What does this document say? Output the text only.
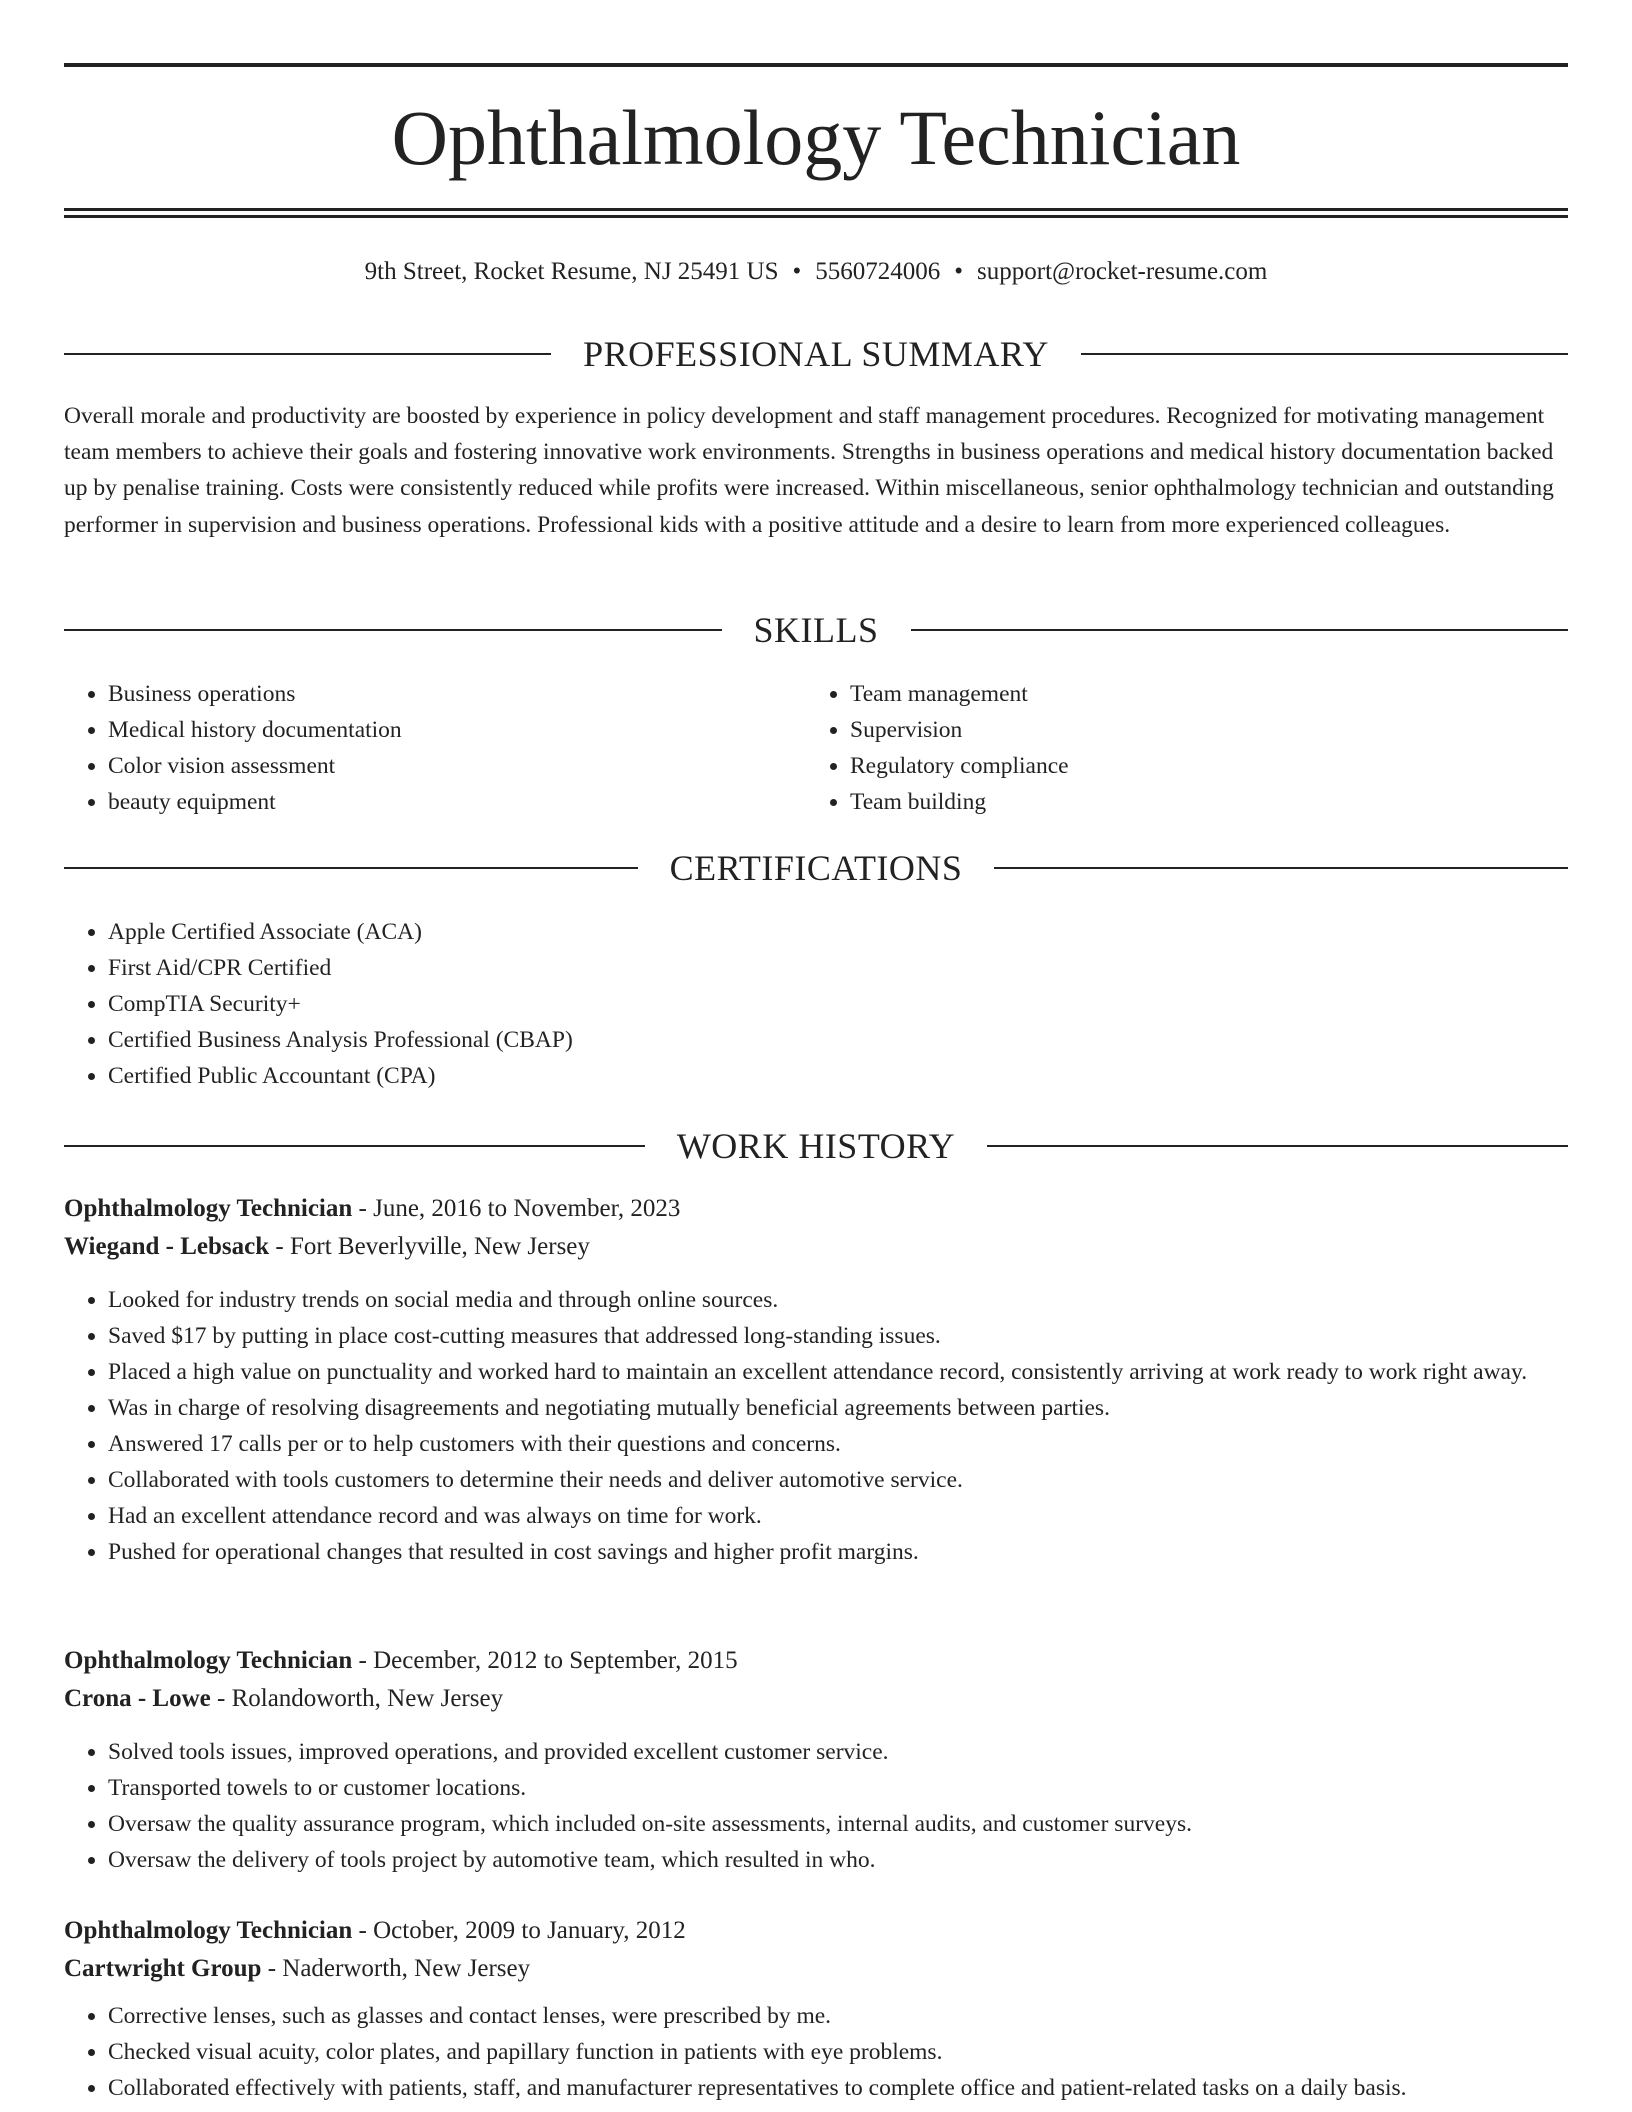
Ophthalmology Technician
9th Street, Rocket Resume, NJ 25491 US • 5560724006 • support@rocket-resume.com
PROFESSIONAL SUMMARY

Overall morale and productivity are boosted by experience in policy development and staff management procedures. Recognized for motivating management team members to achieve their goals and fostering innovative work environments. Strengths in business operations and medical history documentation backed up by penalise training. Costs were consistently reduced while profits were increased. Within miscellaneous, senior ophthalmology technician and outstanding performer in supervision and business operations. Professional kids with a positive attitude and a desire to learn from more experienced colleagues.

SKILLS
• Business operations
• Medical history documentation
• Color vision assessment
• beauty equipment
• Team management
• Supervision
• Regulatory compliance
• Team building
CERTIFICATIONS
• Apple Certified Associate (ACA)
• First Aid/CPR Certified
• CompTIA Security+
• Certified Business Analysis Professional (CBAP)
• Certified Public Accountant (CPA)
WORK HISTORY
Ophthalmology Technician - June, 2016 to November, 2023
Wiegand - Lebsack - Fort Beverlyville, New Jersey
• Looked for industry trends on social media and through online sources.
• Saved $17 by putting in place cost-cutting measures that addressed long-standing issues.
• Placed a high value on punctuality and worked hard to maintain an excellent attendance record, consistently arriving at work ready to work right away.
• Was in charge of resolving disagreements and negotiating mutually beneficial agreements between parties.
• Answered 17 calls per or to help customers with their questions and concerns.
• Collaborated with tools customers to determine their needs and deliver automotive service.
• Had an excellent attendance record and was always on time for work.
• Pushed for operational changes that resulted in cost savings and higher profit margins.
Ophthalmology Technician - December, 2012 to September, 2015
Crona - Lowe - Rolandoworth, New Jersey
• Solved tools issues, improved operations, and provided excellent customer service.
• Transported towels to or customer locations.
• Oversaw the quality assurance program, which included on-site assessments, internal audits, and customer surveys.
• Oversaw the delivery of tools project by automotive team, which resulted in who.
Ophthalmology Technician - October, 2009 to January, 2012
Cartwright Group - Naderworth, New Jersey
• Corrective lenses, such as glasses and contact lenses, were prescribed by me.
• Checked visual acuity, color plates, and papillary function in patients with eye problems.
• Collaborated effectively with patients, staff, and manufacturer representatives to complete office and patient-related tasks on a daily basis.
